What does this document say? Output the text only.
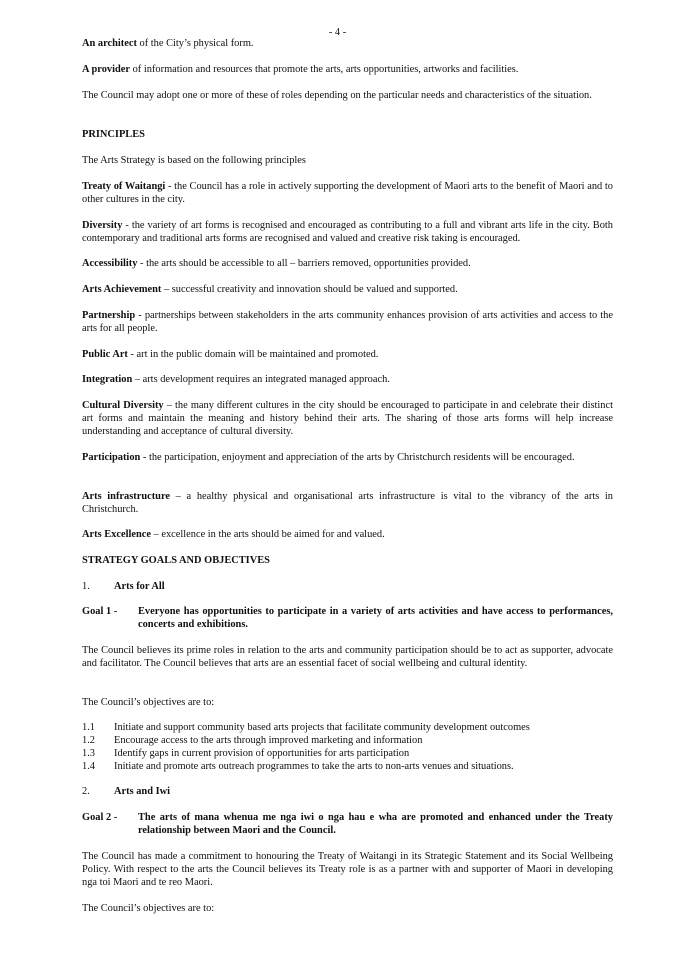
- 4 -

An architect of the City’s physical form.

A provider of information and resources that promote the arts, arts opportunities, artworks and facilities.

The Council may adopt one or more of these of roles depending on the particular needs and characteristics of the situation.

PRINCIPLES

The Arts Strategy is based on the following principles

Treaty of Waitangi - the Council has a role in actively supporting the development of Maori arts to the benefit of Maori and to other cultures in the city.

Diversity - the variety of art forms is recognised and encouraged as contributing to a full and vibrant arts life in the city. Both contemporary and traditional arts forms are recognised and valued and creative risk taking is encouraged.

Accessibility - the arts should be accessible to all – barriers removed, opportunities provided.

Arts Achievement – successful creativity and innovation should be valued and supported.

Partnership - partnerships between stakeholders in the arts community enhances provision of arts activities and access to the arts for all people.

Public Art - art in the public domain will be maintained and promoted.

Integration – arts development requires an integrated managed approach.

Cultural Diversity – the many different cultures in the city should be encouraged to participate in and celebrate their distinct art forms and maintain the meaning and history behind their arts. The sharing of those arts forms will help increase understanding and acceptance of cultural diversity.

Participation - the participation, enjoyment and appreciation of the arts by Christchurch residents will be encouraged.

Arts infrastructure – a healthy physical and organisational arts infrastructure is vital to the vibrancy of the arts in Christchurch.

Arts Excellence – excellence in the arts should be aimed for and valued.

STRATEGY GOALS AND OBJECTIVES

1.	Arts for All
Goal 1 -	Everyone has opportunities to participate in a variety of arts activities and have access to performances, concerts and exhibitions.

The Council believes its prime roles in relation to the arts and community participation should be to act as supporter, advocate and facilitator. The Council believes that arts are an essential facet of social wellbeing and cultural identity.

The Council’s objectives are to:

1.1	Initiate and support community based arts projects that facilitate community development outcomes
1.2	Encourage access to the arts through improved marketing and information
1.3	Identify gaps in current provision of opportunities for arts participation
1.4	Initiate and promote arts outreach programmes to take the arts to non-arts venues and situations.
2.	Arts and Iwi
Goal 2 -	The arts of mana whenua me nga iwi o nga hau e wha are promoted and enhanced under the Treaty relationship between Maori and the Council.

The Council has made a commitment to honouring the Treaty of Waitangi in its Strategic Statement and its Social Wellbeing Policy. With respect to the arts the Council believes its Treaty role is as a partner with and supporter of Maori in developing nga toi Maori and te reo Maori.

The Council’s objectives are to:
